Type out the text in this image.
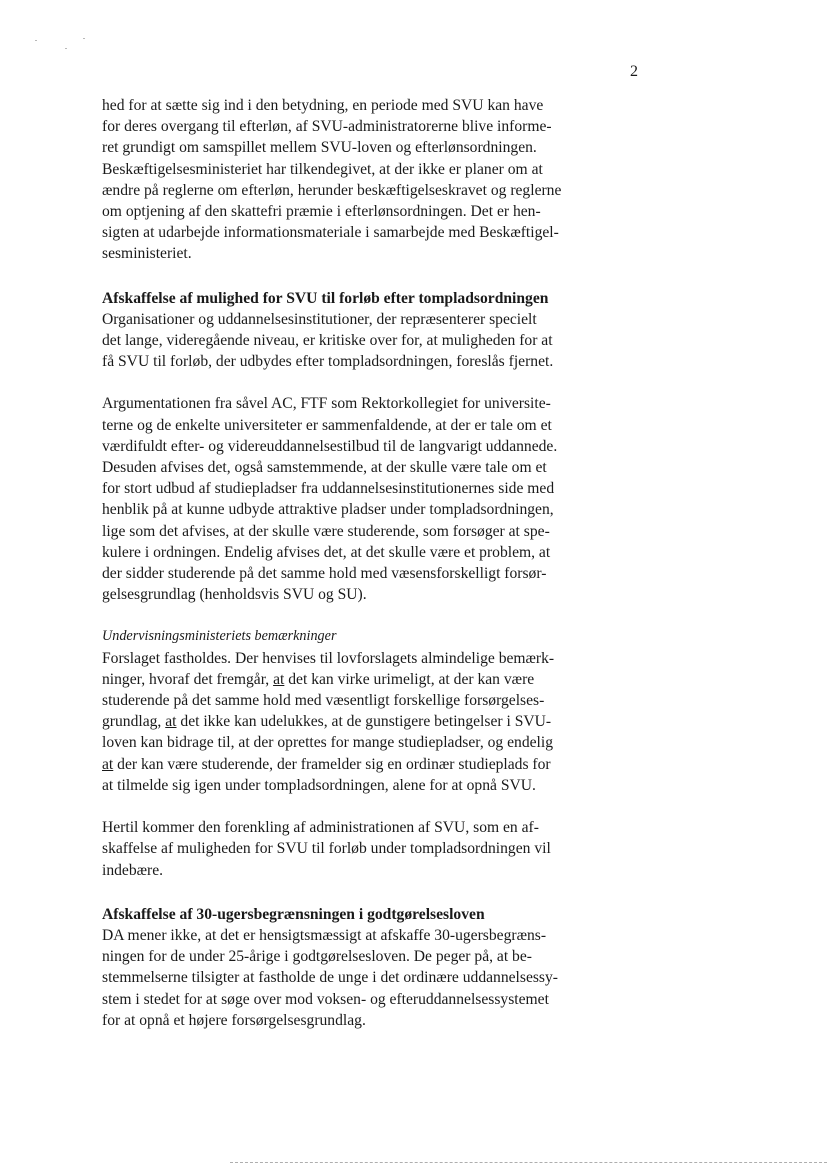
2

hed for at sætte sig ind i den betydning, en periode med SVU kan have
for deres overgang til efterløn, af SVU-administratorerne blive informe-
ret grundigt om samspillet mellem SVU-loven og efterlønsordningen.
Beskæftigelsesministeriet har tilkendegivet, at der ikke er planer om at
ændre på reglerne om efterløn, herunder beskæftigelseskravet og reglerne
om optjening af den skattefri præmie i efterlønsordningen. Det er hen-
sigten at udarbejde informationsmateriale i samarbejde med Beskæftigel-
sesministeriet.

Afskaffelse af mulighed for SVU til forløb efter tompladsordningen

Organisationer og uddannelsesinstitutioner, der repræsenterer specielt
det lange, videregående niveau, er kritiske over for, at muligheden for at
få SVU til forløb, der udbydes efter tompladsordningen, foreslås fjernet.

Argumentationen fra såvel AC, FTF som Rektorkollegiet for universite-
terne og de enkelte universiteter er sammenfaldende, at der er tale om et
værdifuldt efter- og videreuddannelsestilbud til de langvarigt uddannede.
Desuden afvises det, også samstemmende, at der skulle være tale om et
for stort udbud af studiepladser fra uddannelsesinstitutionernes side med
henblik på at kunne udbyde attraktive pladser under tompladsordningen,
lige som det afvises, at der skulle være studerende, som forsøger at spe-
kulere i ordningen. Endelig afvises det, at det skulle være et problem, at
der sidder studerende på det samme hold med væsensforskelligt forsør-
gelsesgrundlag (henholdsvis SVU og SU).

Undervisningsministeriets bemærkninger

Forslaget fastholdes. Der henvises til lovforslagets almindelige bemærk-
ninger, hvoraf det fremgår, at det kan virke urimeligt, at der kan være
studerende på det samme hold med væsentligt forskellige forsørgelses-
grundlag, at det ikke kan udelukkes, at de gunstigere betingelser i SVU-
loven kan bidrage til, at der oprettes for mange studiepladser, og endelig
at der kan være studerende, der framelder sig en ordinær studieplads for
at tilmelde sig igen under tompladsordningen, alene for at opnå SVU.

Hertil kommer den forenkling af administrationen af SVU, som en af-
skaffelse af muligheden for SVU til forløb under tompladsordningen vil
indebære.

Afskaffelse af 30-ugersbegrænsningen i godtgørelsesloven

DA mener ikke, at det er hensigtsmæssigt at afskaffe 30-ugersbegræns-
ningen for de under 25-årige i godtgørelsesloven. De peger på, at be-
stemmelserne tilsigter at fastholde de unge i det ordinære uddannelsessy-
stem i stedet for at søge over mod voksen- og efteruddannelsessystemet
for at opnå et højere forsørgelsesgrundlag.
